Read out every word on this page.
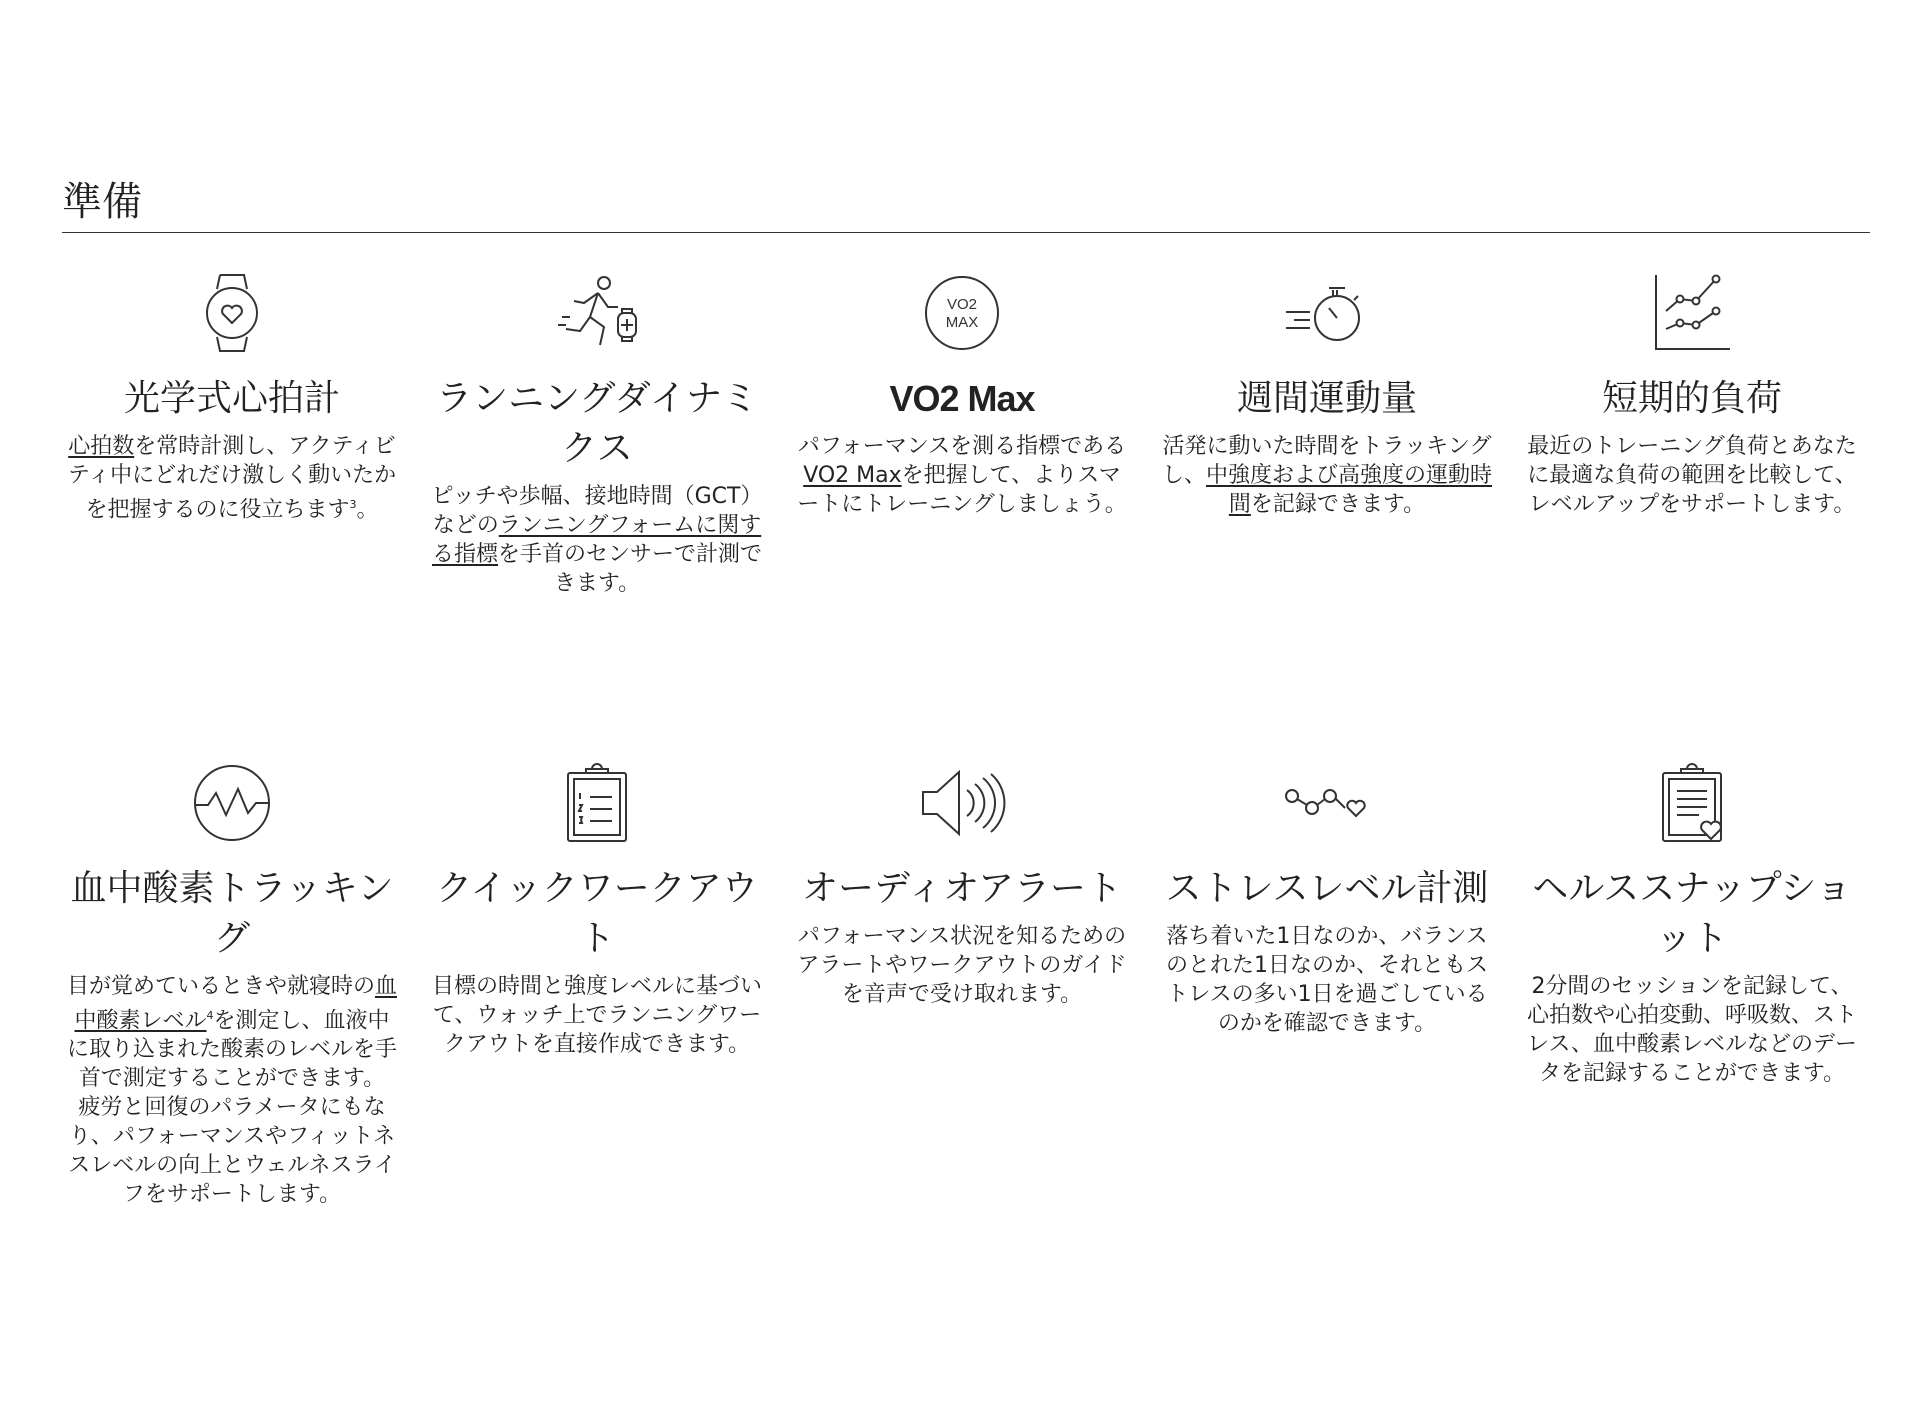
準備
光学式心拍計
心拍数を常時計測し、アクティビティ中にどれだけ激しく動いたかを把握するのに役立ちます$^3$。
ランニングダイナミクス
ピッチや歩幅、接地時間（GCT）などのランニングフォームに関する指標を手首のセンサーで計測できます。
VO2
MAX
VO2 Max
パフォーマンスを測る指標であるVO2 Maxを把握して、よりスマートにトレーニングしましょう。
週間運動量
活発に動いた時間をトラッキングし、中強度および高強度の運動時間を記録できます。
短期的負荷
最近のトレーニング負荷とあなたに最適な負荷の範囲を比較して、レベルアップをサポートします。
血中酸素トラッキング
目が覚めているときや就寝時の血中酸素レベル$^4$を測定し、血液中に取り込まれた酸素のレベルを手首で測定することができます。 疲労と回復のパラメータにもなり、パフォーマンスやフィットネスレベルの向上とウェルネスライフをサポートします。
クイックワークアウト
目標の時間と強度レベルに基づいて、ウォッチ上でランニングワークアウトを直接作成できます。
オーディオアラート
パフォーマンス状況を知るためのアラートやワークアウトのガイドを音声で受け取れます。
ストレスレベル計測
落ち着いた1日なのか、バランスのとれた1日なのか、それともストレスの多い1日を過ごしているのかを確認できます。
ヘルススナップショット
2分間のセッションを記録して、心拍数や心拍変動、呼吸数、ストレス、血中酸素レベルなどのデータを記録することができます。
